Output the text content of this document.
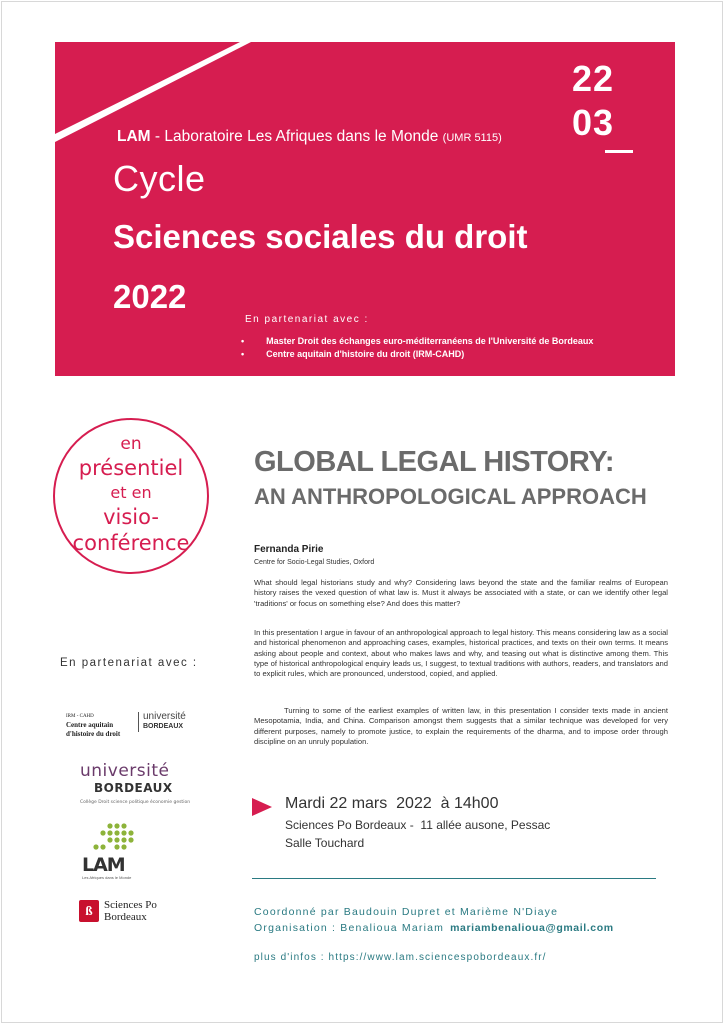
LAM - Laboratoire Les Afriques dans le Monde (UMR 5115)
Cycle
Sciences sociales du droit
2022
22
03
En partenariat avec :
• Master Droit des échanges euro-méditerranéens de l'Université de Bordeaux
• Centre aquitain d'histoire du droit (IRM-CAHD)
en
présentiel
et en
visio-
conférence
En partenariat avec :
IRM - CAHD
Centre aquitain d'histoire du droit
université
BORDEAUX
université
BORDEAUX
Collège Droit science politique économie gestion
LAM
Les Afriques dans le Monde
ß	Sciences Po
Bordeaux
GLOBAL LEGAL HISTORY:
AN ANTHROPOLOGICAL APPROACH
Fernanda Pirie
Centre for Socio-Legal Studies, Oxford

What should legal historians study and why? Considering laws beyond the state and the familiar realms of European history raises the vexed question of what law is. Must it always be associated with a state, or can we identify other legal 'traditions' or focus on something else? And does this matter?

In this presentation I argue in favour of an anthropological approach to legal history. This means considering law as a social and historical phenomenon and approaching cases, examples, historical practices, and texts on their own terms. It means asking about people and context, about who makes laws and why, and teasing out what is distinctive among them. This type of historical anthropological enquiry leads us, I suggest, to textual traditions with authors, readers, and translators and to explicit rules, which are pronounced, understood, copied, and applied.

Turning to some of the earliest examples of written law, in this presentation I consider texts made in ancient Mesopotamia, India, and China. Comparison amongst them suggests that a similar technique was developed for very different purposes, namely to promote justice, to explain the requirements of the dharma, and to impose order through discipline on an unruly population.

Mardi 22 mars  2022  à 14h00
Sciences Po Bordeaux -  11 allée ausone, Pessac
Salle Touchard
Coordonné par Baudouin Dupret et Marième N'Diaye
Organisation : Benalioua Mariam mariambenalioua@gmail.com
plus d'infos : https://www.lam.sciencespobordeaux.fr/
